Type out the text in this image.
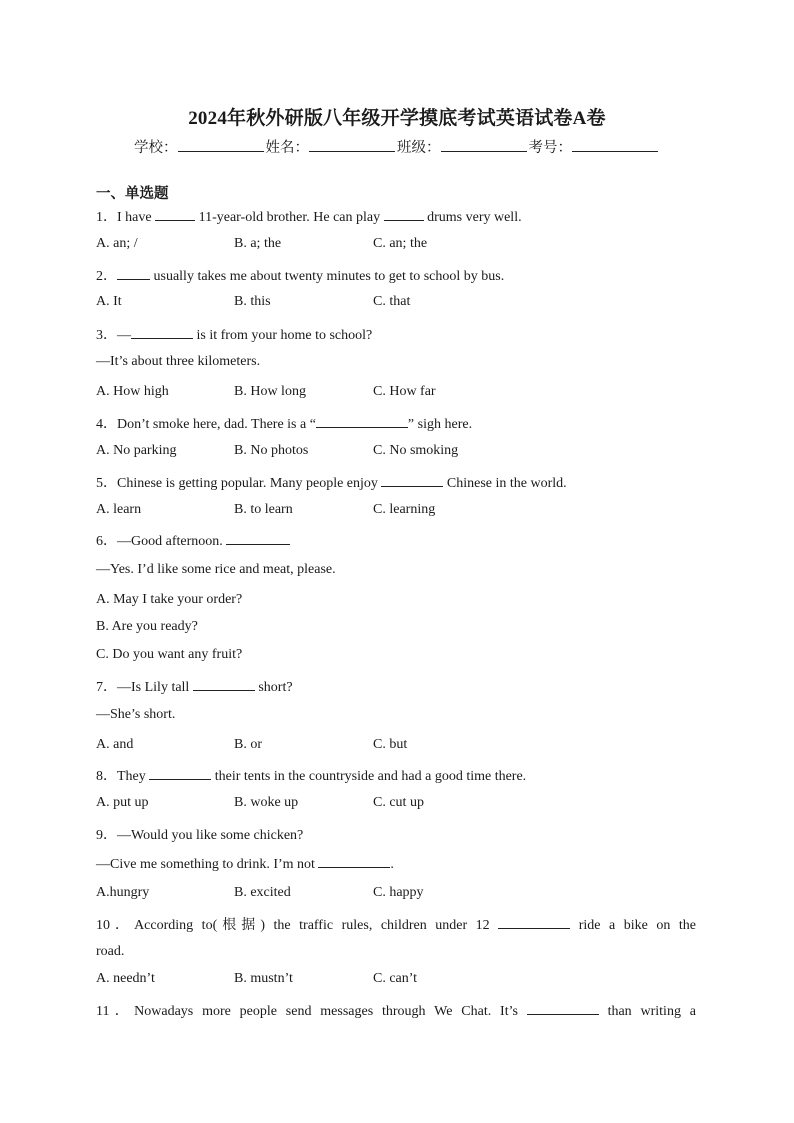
2024年秋外研版八年级开学摸底考试英语试卷A卷
学校：	姓名：	班级：	考号：
一、单选题
1．I have	11-year-old brother. He can play	drums very well.
A. an; /	B. a; the	C. an; the
2． usually takes me about twenty minutes to get to school by bus.
A. It	B. this	C. that
3．—	is it from your home to school?
—It’s about three kilometers.
A. How high	B. How long	C. How far
4．Don’t smoke here, dad. There is a “	” sigh here.
A. No parking	B. No photos	C. No smoking
5．Chinese is getting popular. Many people enjoy	Chinese in the world.
A. learn	B. to learn	C. learning
6．—Good afternoon.
—Yes. I’d like some rice and meat, please.
A. May I take your order?
B. Are you ready?
C. Do you want any fruit?
7．—Is Lily tall	short?
—She’s short.
A. and	B. or	C. but
8．They	their tents in the countryside and had a good time there.
A. put up	B. woke up	C. cut up
9．—Would you like some chicken?
—Cive me something to drink. I’m not	.
A.hungry	B. excited	C. happy
10．According to(根据) the traffic rules, children under 12	ride a bike on the
road.
A. needn’t	B. mustn’t	C. can’t
11．Nowadays more people send messages through We Chat. It’s	than writing a
